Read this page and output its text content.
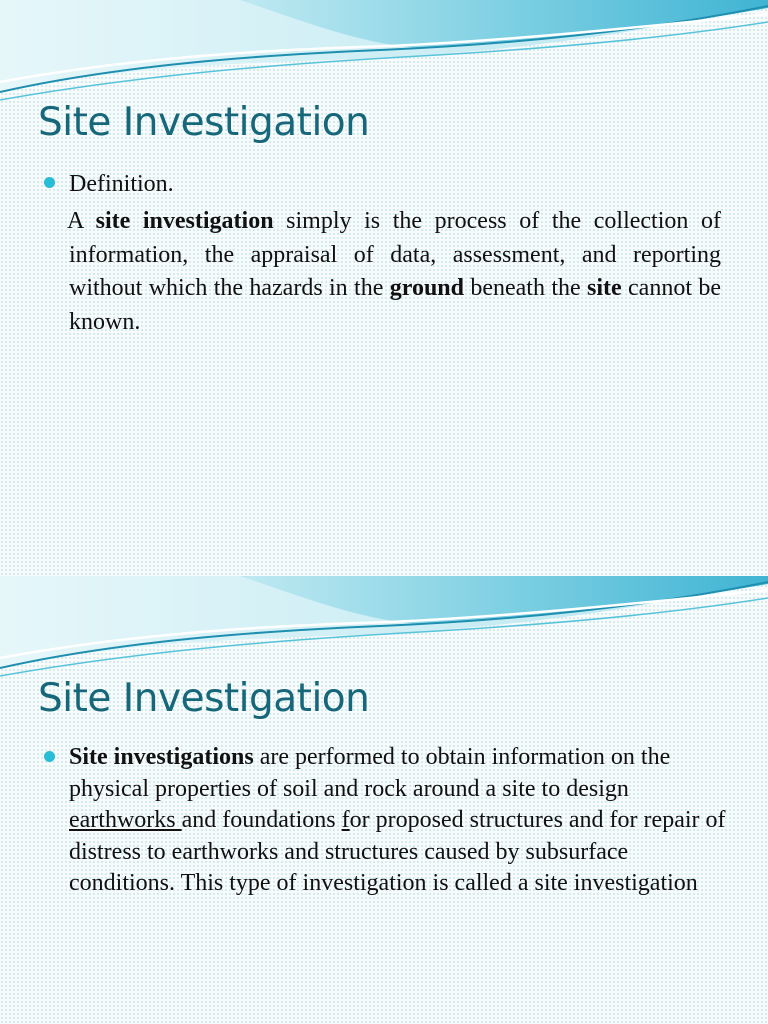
Site Investigation
Definition.

A site investigation simply is the process of the collection of information, the appraisal of data, assessment, and reporting without which the hazards in the ground beneath the site cannot be known.

Site Investigation
Site investigations are performed to obtain information on the physical properties of soil and rock around a site to design earthworks and foundations for proposed structures and for repair of distress to earthworks and structures caused by subsurface conditions. This type of investigation is called a site investigation
